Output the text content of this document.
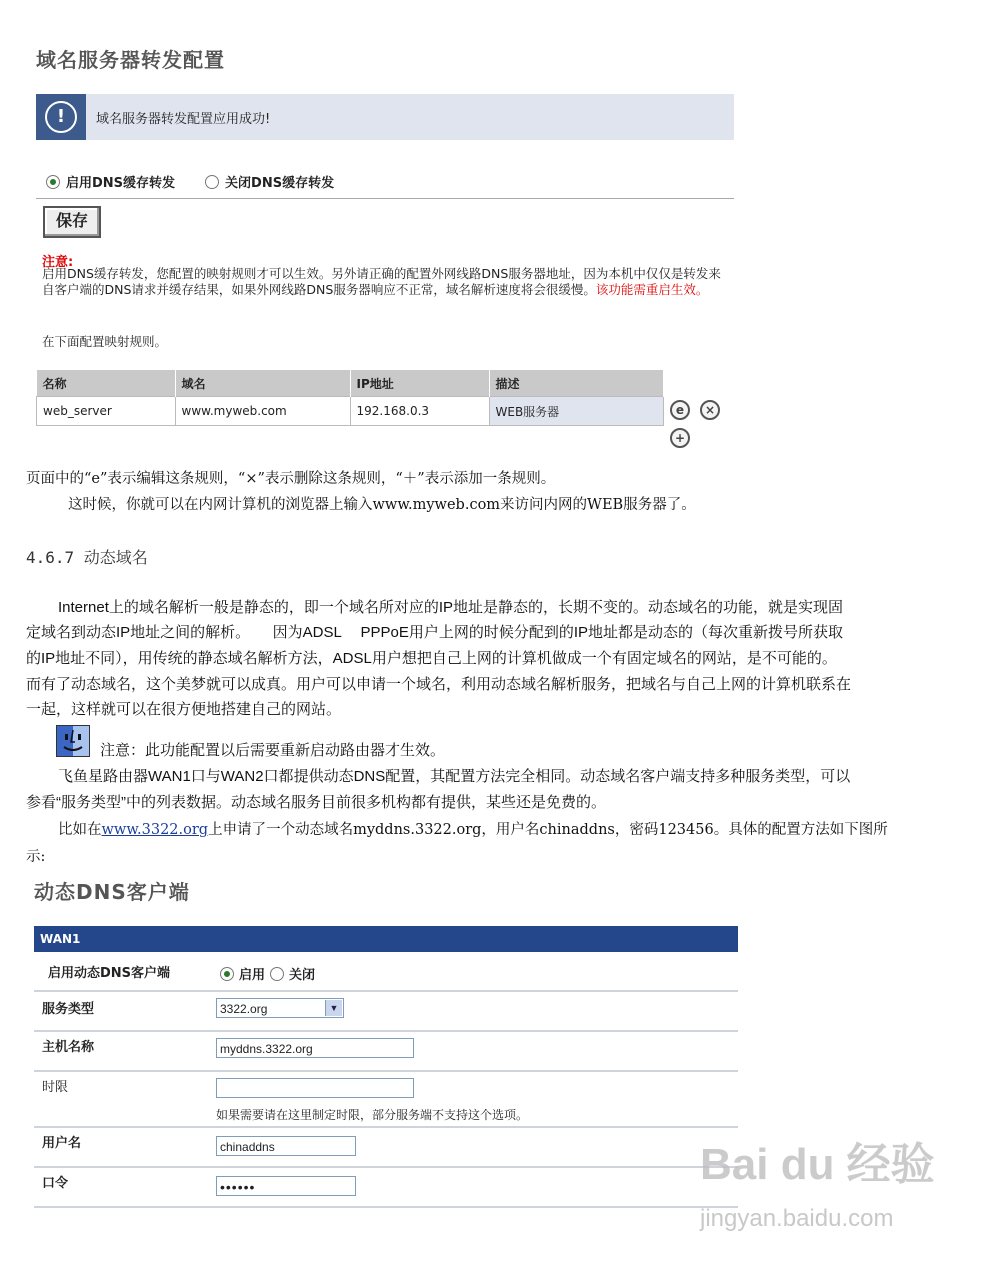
域名服务器转发配置
!	域名服务器转发配置应用成功!
启用DNS缓存转发	关闭DNS缓存转发
保存
注意:
启用DNS缓存转发，您配置的映射规则才可以生效。另外请正确的配置外网线路DNS服务器地址，因为本机中仅仅是转发来自客户端的DNS请求并缓存结果，如果外网线路DNS服务器响应不正常，域名解析速度将会很缓慢。该功能需重启生效。
在下面配置映射规则。
名称	域名	IP地址	描述
web_server	www.myweb.com	192.168.0.3	WEB服务器	e	×
+
页面中的“e”表示编辑这条规则，“×”表示删除这条规则，“＋”表示添加一条规则。
这时候，你就可以在内网计算机的浏览器上输入www.myweb.com来访问内网的WEB服务器了。
4.6.7 动态域名
Internet上的域名解析一般是静态的，即一个域名所对应的IP地址是静态的，长期不变的。动态域名的功能，就是实现固
定域名到动态IP地址之间的解析。　　因为ADSL　 PPPoE用户上网的时候分配到的IP地址都是动态的（每次重新拨号所获取
的IP地址不同），用传统的静态域名解析方法，ADSL用户想把自己上网的计算机做成一个有固定域名的网站，是不可能的。
而有了动态域名，这个美梦就可以成真。用户可以申请一个域名，利用动态域名解析服务，把域名与自己上网的计算机联系在
一起，这样就可以在很方便地搭建自己的网站。
注意：此功能配置以后需要重新启动路由器才生效。
飞鱼星路由器WAN1口与WAN2口都提供动态DNS配置，其配置方法完全相同。动态域名客户端支持多种服务类型，可以
参看“服务类型”中的列表数据。动态域名服务目前很多机构都有提供，某些还是免费的。
比如在www.3322.org上申请了一个动态域名myddns.3322.org，用户名chinaddns，密码123456。具体的配置方法如下图所
示:
动态DNS客户端
WAN1
启用动态DNS客户端	启用 关闭
服务类型	3322.org	▼
主机名称	myddns.3322.org
时限
如果需要请在这里制定时限，部分服务端不支持这个选项。
用户名	chinaddns
口令	••••••	Bai du 经验
jingyan.baidu.com
